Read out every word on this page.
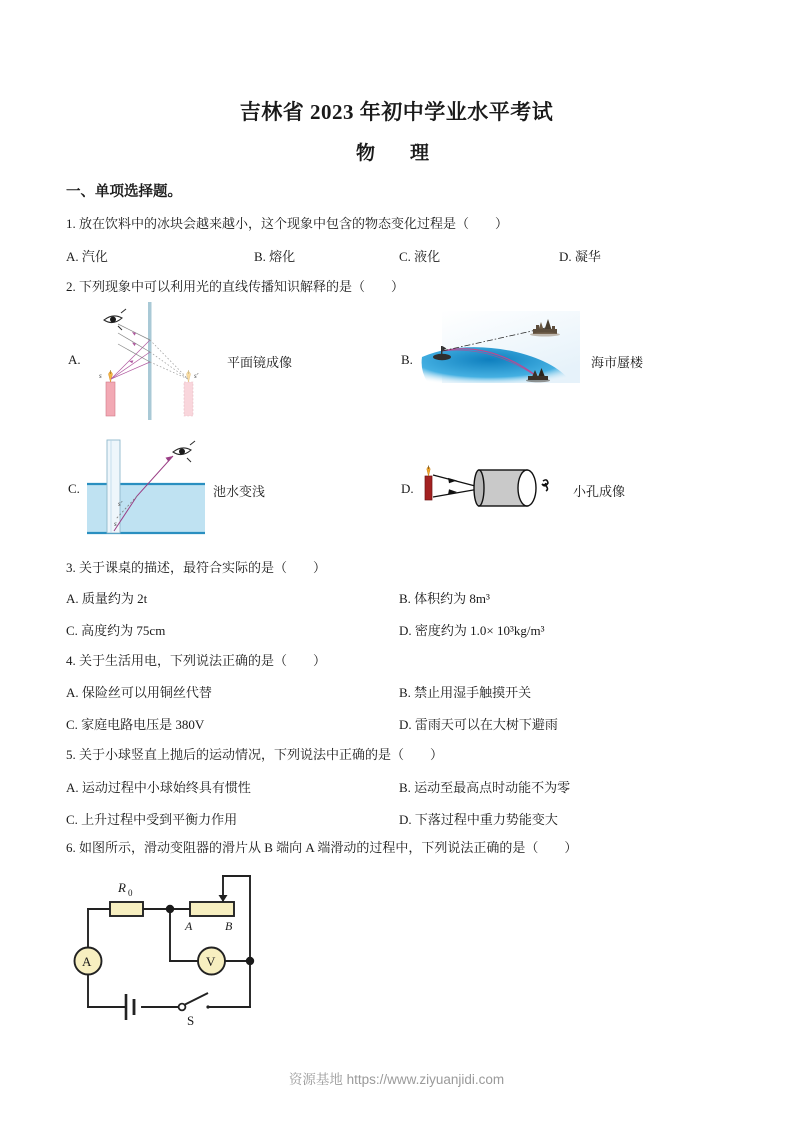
吉林省 2023 年初中学业水平考试
物　理
一、单项选择题。
1. 放在饮料中的冰块会越来越小，这个现象中包含的物态变化过程是（　　）
A. 汽化	B. 熔化	C. 液化	D. 凝华
2. 下列现象中可以利用光的直线传播知识解释的是（　　）
A.
s	s'
平面镜成像	B.	海市蜃楼
C.
s'
s
池水变浅	D.	小孔成像
3. 关于课桌的描述，最符合实际的是（　　）
A. 质量约为 2t	B. 体积约为 8m³
C. 高度约为 75cm	D. 密度约为 1.0× 10³kg/m³
4. 关于生活用电，下列说法正确的是（　　）
A. 保险丝可以用铜丝代替	B. 禁止用湿手触摸开关
C. 家庭电路电压是 380V	D. 雷雨天可以在大树下避雨
5. 关于小球竖直上抛后的运动情况，下列说法中正确的是（　　）
A. 运动过程中小球始终具有惯性	B. 运动至最高点时动能不为零
C. 上升过程中受到平衡力作用	D. 下落过程中重力势能变大
6. 如图所示，滑动变阻器的滑片从 B 端向 A 端滑动的过程中，下列说法正确的是（　　）
R 0
A	B
A	V
S
资源基地 https://www.ziyuanjidi.com
